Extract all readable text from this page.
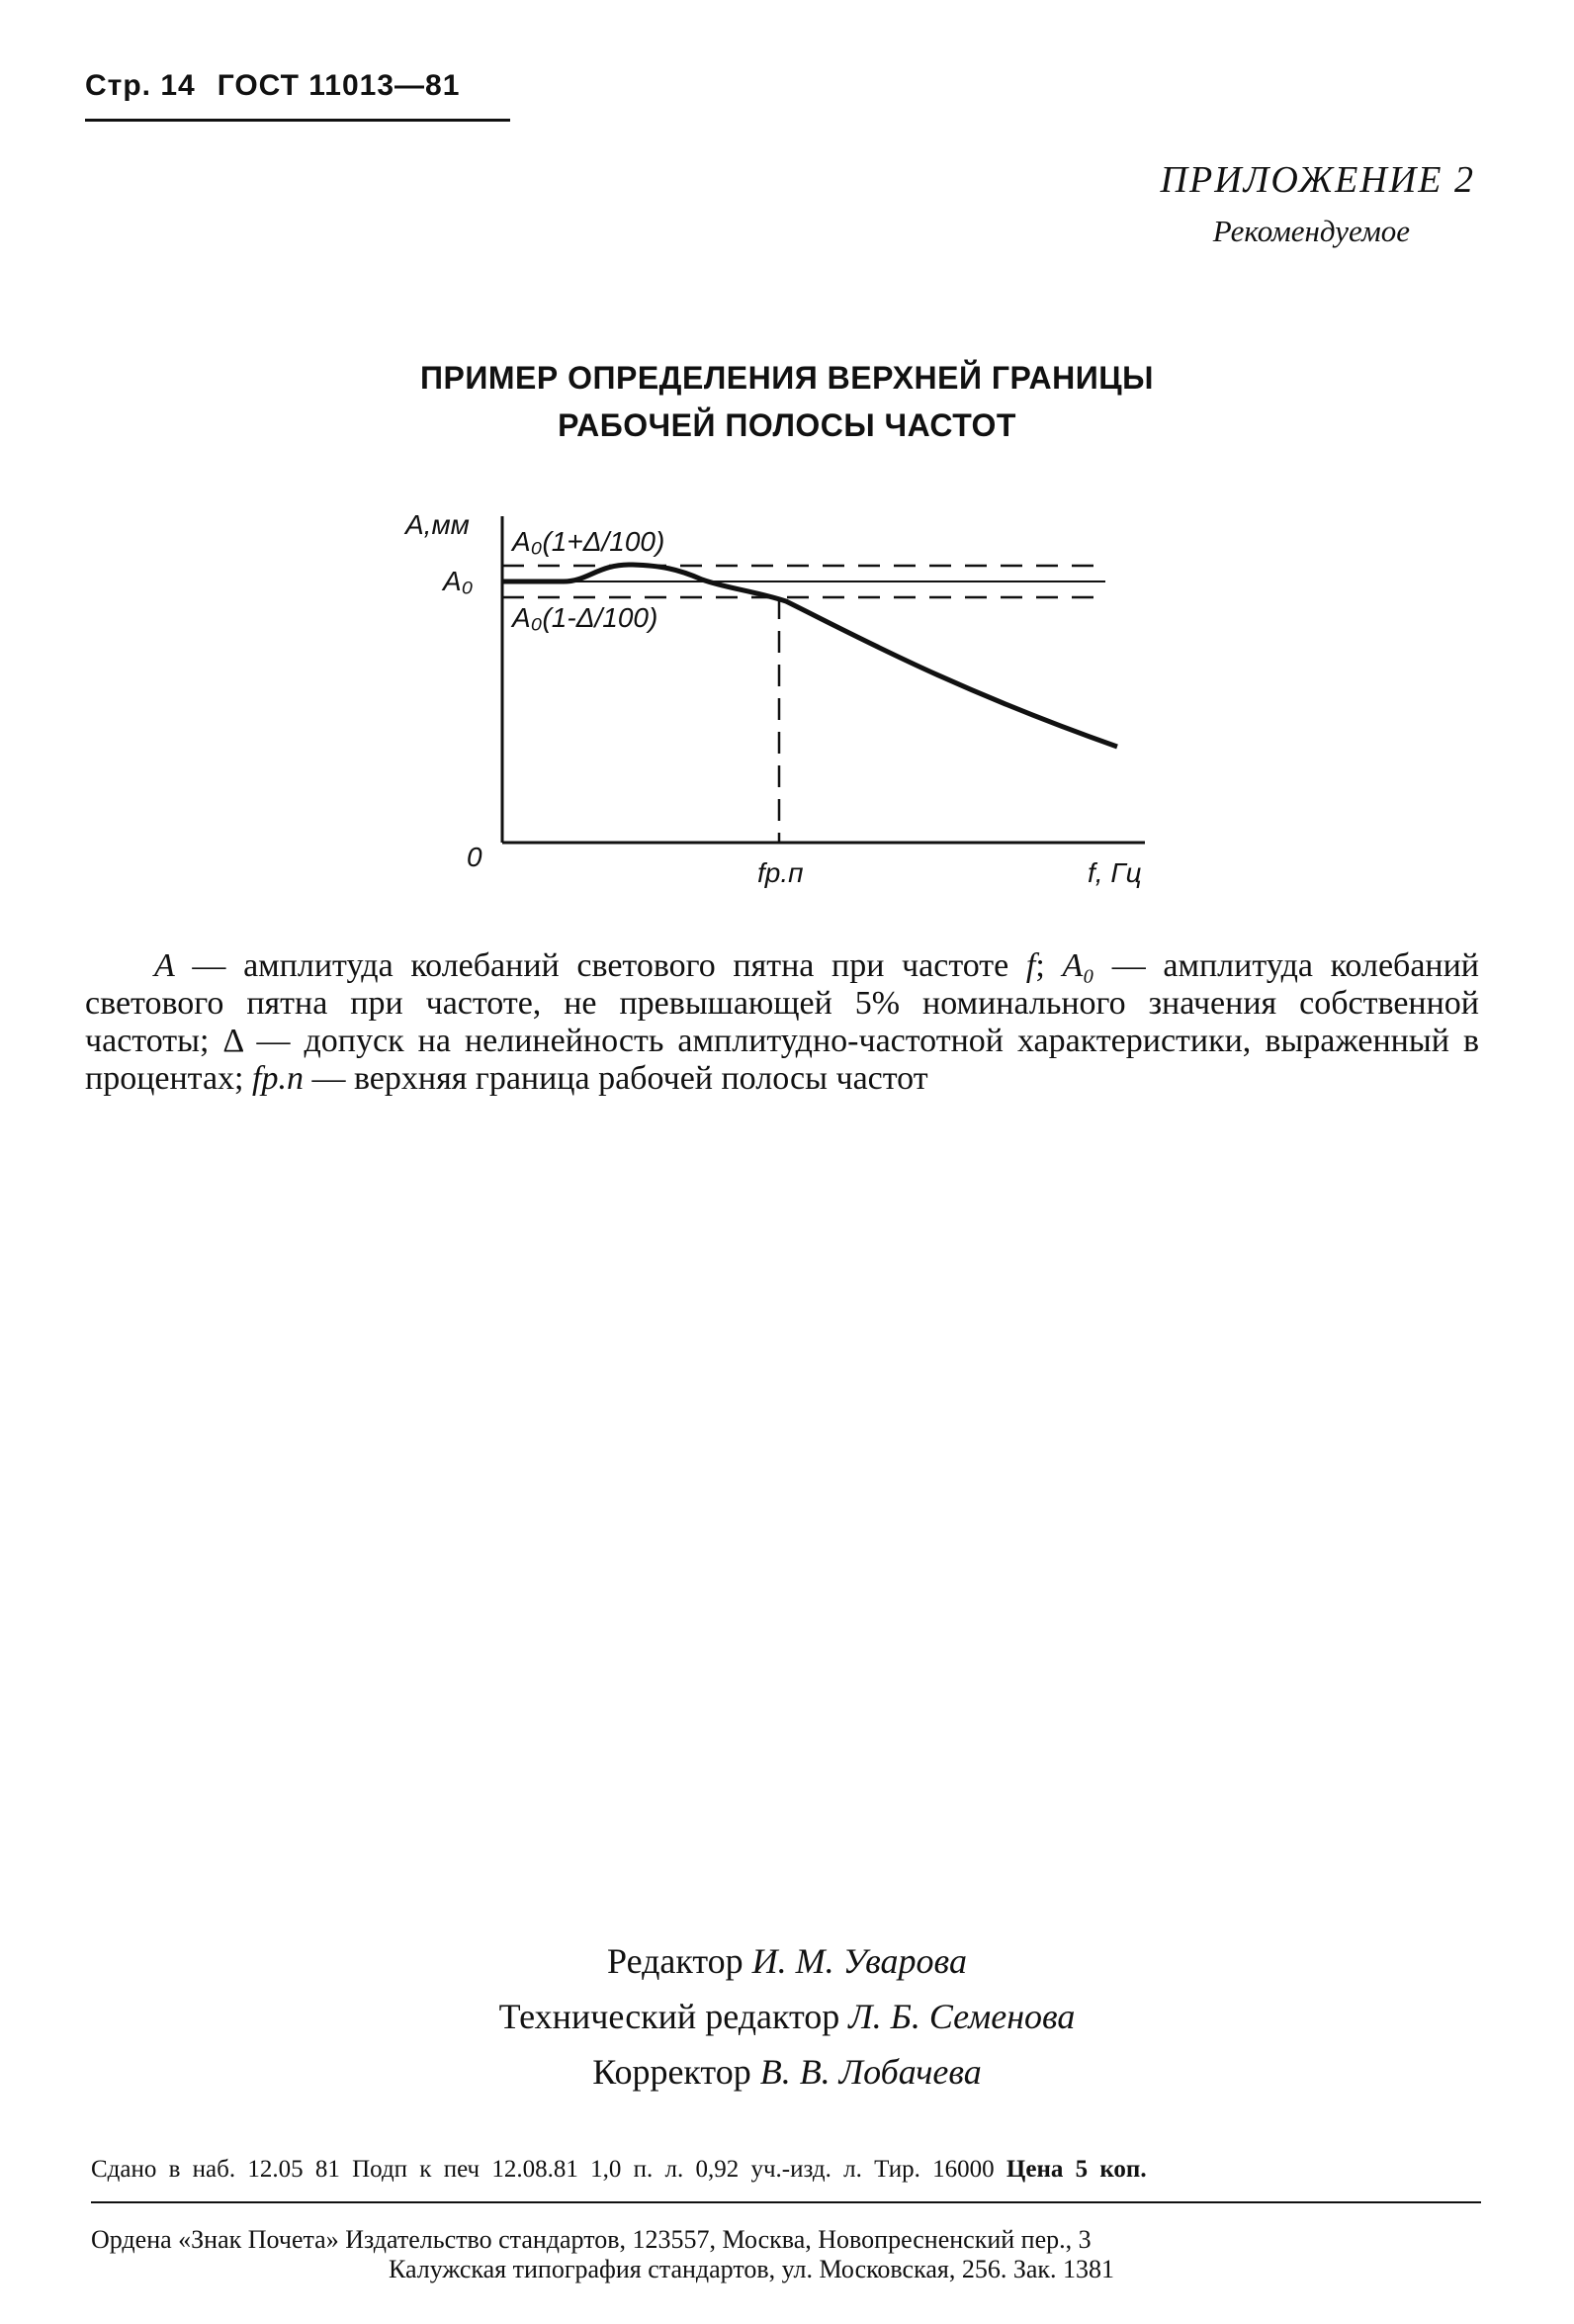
Стр. 14 ГОСТ 11013—81
ПРИЛОЖЕНИЕ 2
Рекомендуемое
ПРИМЕР ОПРЕДЕЛЕНИЯ ВЕРХНЕЙ ГРАНИЦЫ
РАБОЧЕЙ ПОЛОСЫ ЧАСТОТ
А,мм
А₀
А₀(1+Δ/100)
А₀(1-Δ/100)
0
fр.п	f, Гц
А — амплитуда колебаний светового пятна при частоте f; А₀ — амплитуда колебаний светового пятна при частоте, не превышающей 5% номинального значения собственной частоты; Δ — допуск на нелинейность амплитудно-частотной характеристики, выраженный в процентах; fр.п — верхняя граница рабочей полосы частот
Редактор И. М. Уварова
Технический редактор Л. Б. Семенова
Корректор В. В. Лобачева
Сдано в наб. 12.05 81 Подп к печ 12.08.81 1,0 п. л. 0,92 уч.-изд. л. Тир. 16000 Цена 5 коп.
Ордена «Знак Почета» Издательство стандартов, 123557, Москва, Новопресненский пер., 3
Калужская типография стандартов, ул. Московская, 256. Зак. 1381
